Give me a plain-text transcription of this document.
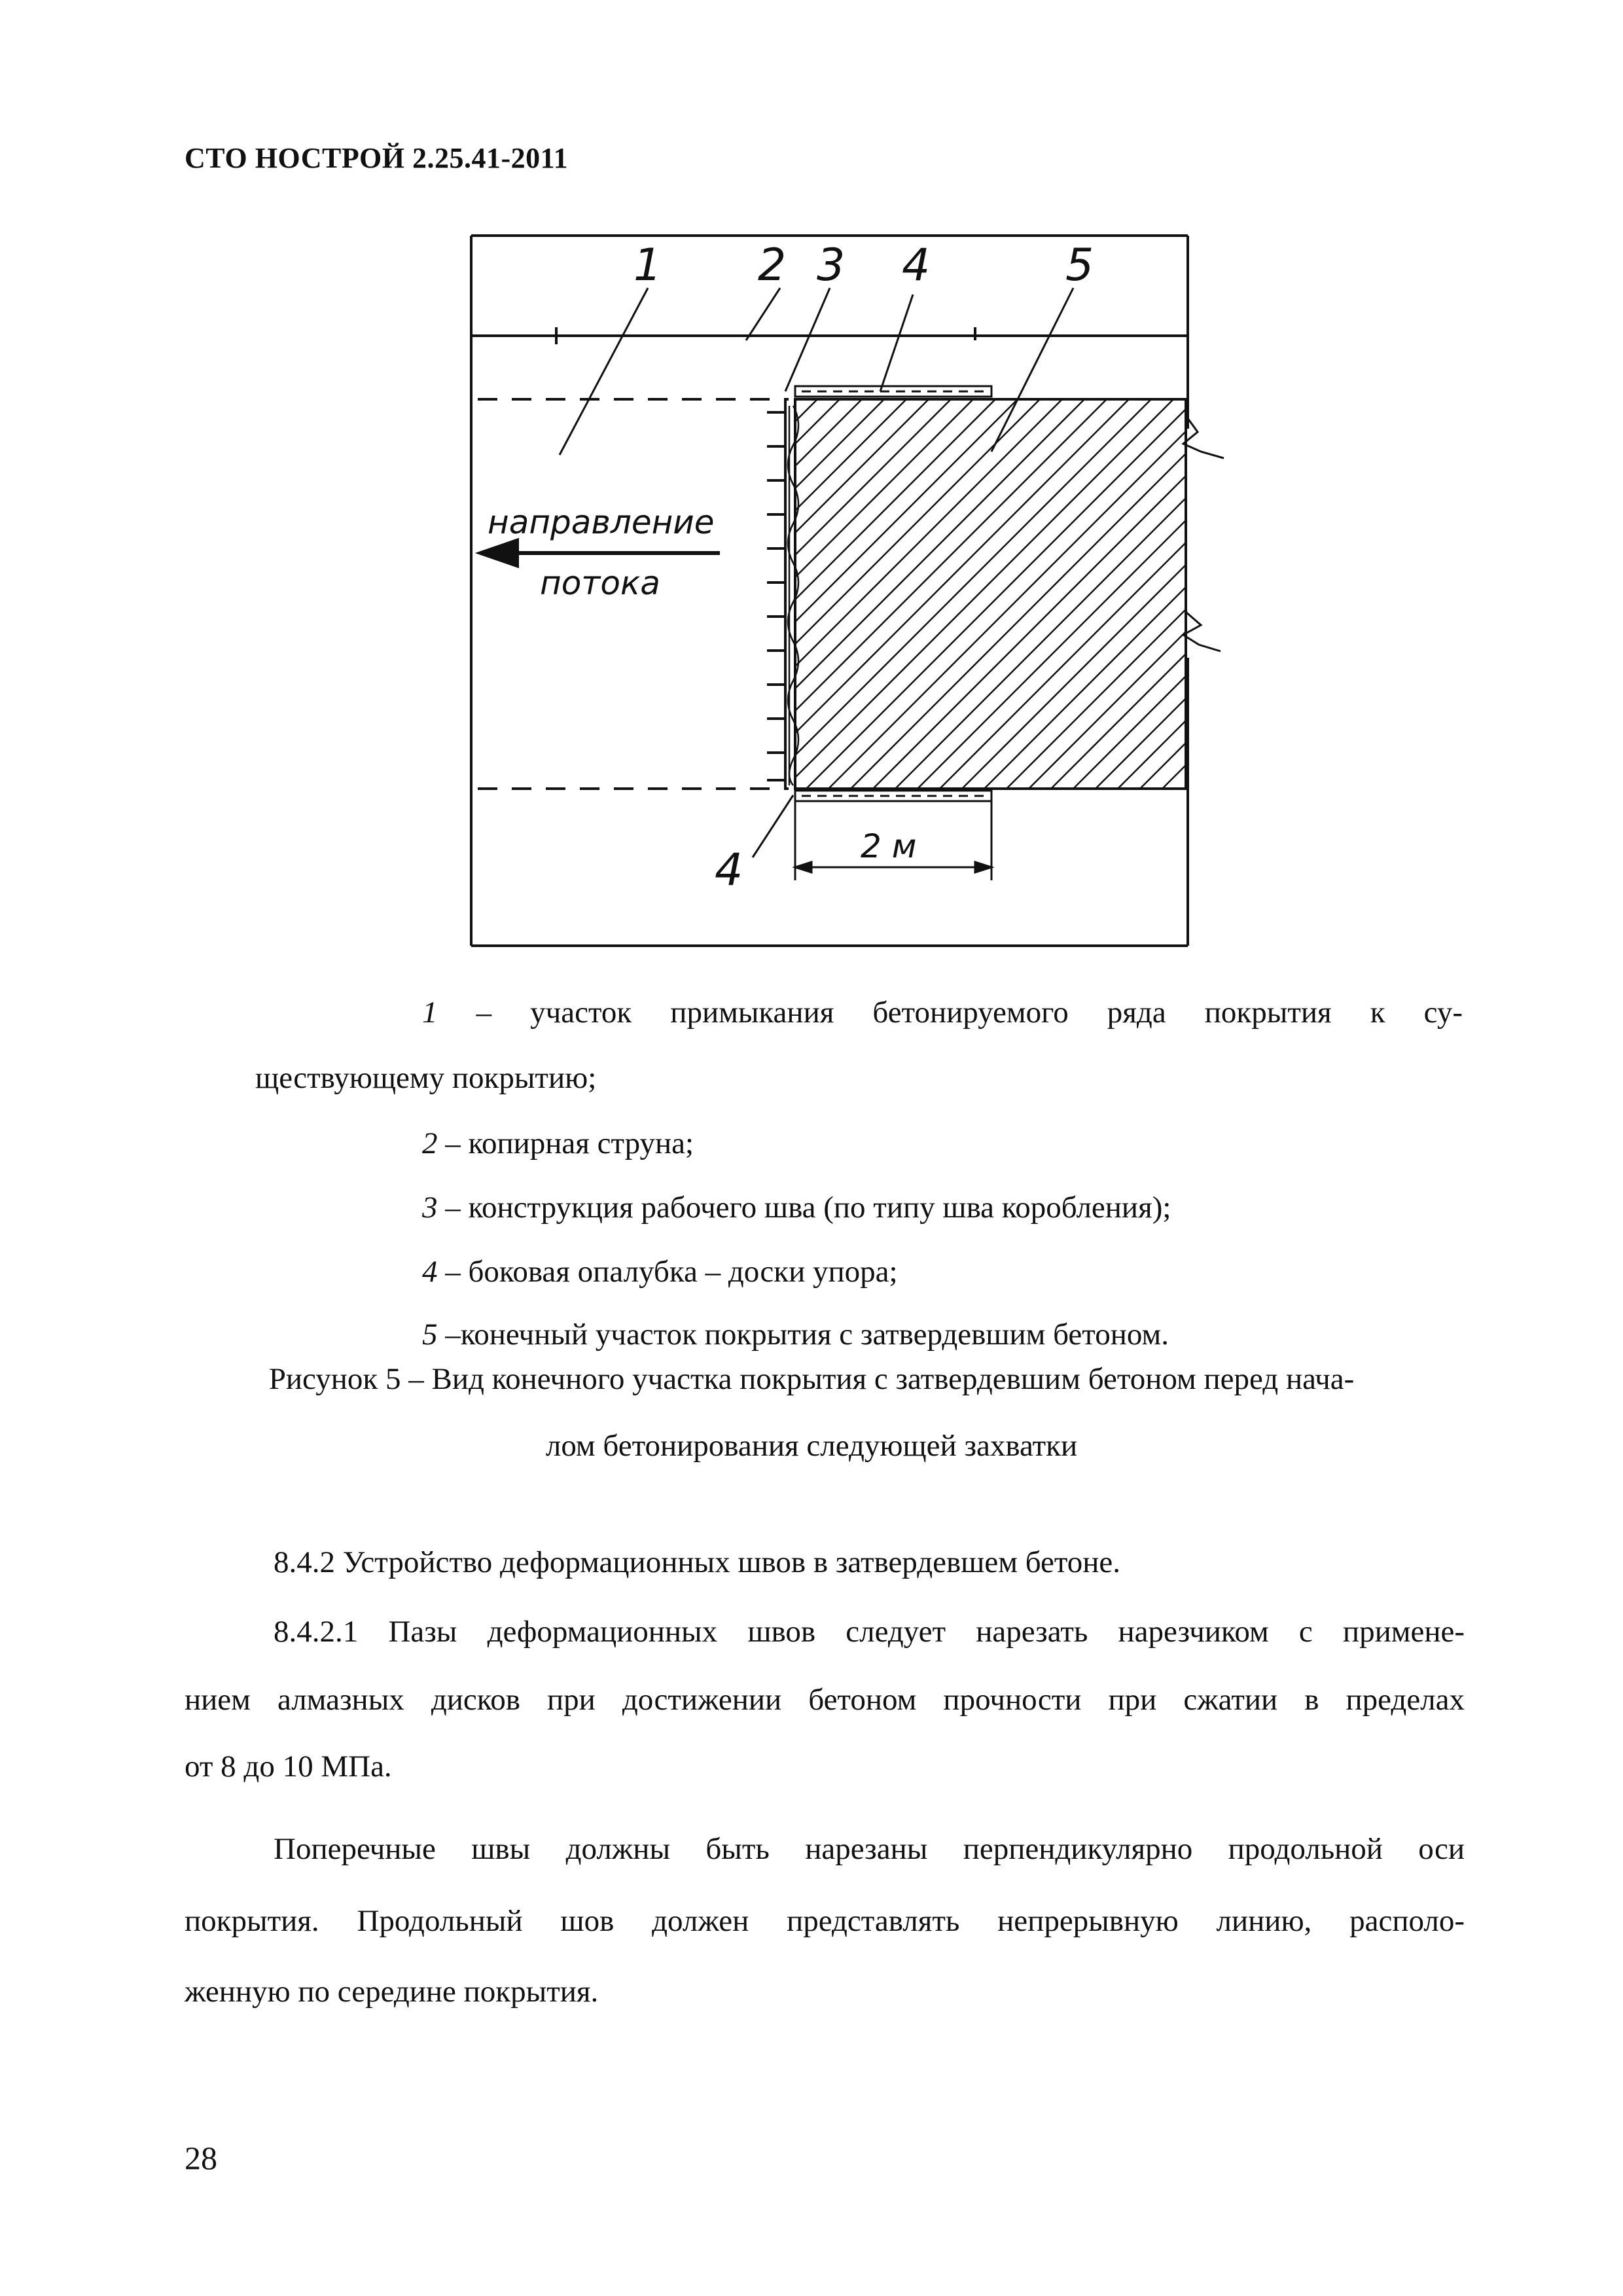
СТО НОСТРОЙ 2.25.41-2011
1 2 3 4	5
4
направление
потока
2 м
1 – участок примыкания бетонируемого ряда покрытия к су-
ществующему покрытию;
2 – копирная струна;
3 – конструкция рабочего шва (по типу шва коробления);
4 – боковая опалубка – доски упора;
5 –конечный участок покрытия с затвердевшим бетоном.
Рисунок 5 – Вид конечного участка покрытия с затвердевшим бетоном перед нача-
лом бетонирования следующей захватки
8.4.2 Устройство деформационных швов в затвердевшем бетоне.
8.4.2.1 Пазы деформационных швов следует нарезать нарезчиком с примене-
нием алмазных дисков при достижении бетоном прочности при сжатии в пределах
от 8 до 10 МПа.
Поперечные швы должны быть нарезаны перпендикулярно продольной оси
покрытия. Продольный шов должен представлять непрерывную линию, располо-
женную по середине покрытия.
28
